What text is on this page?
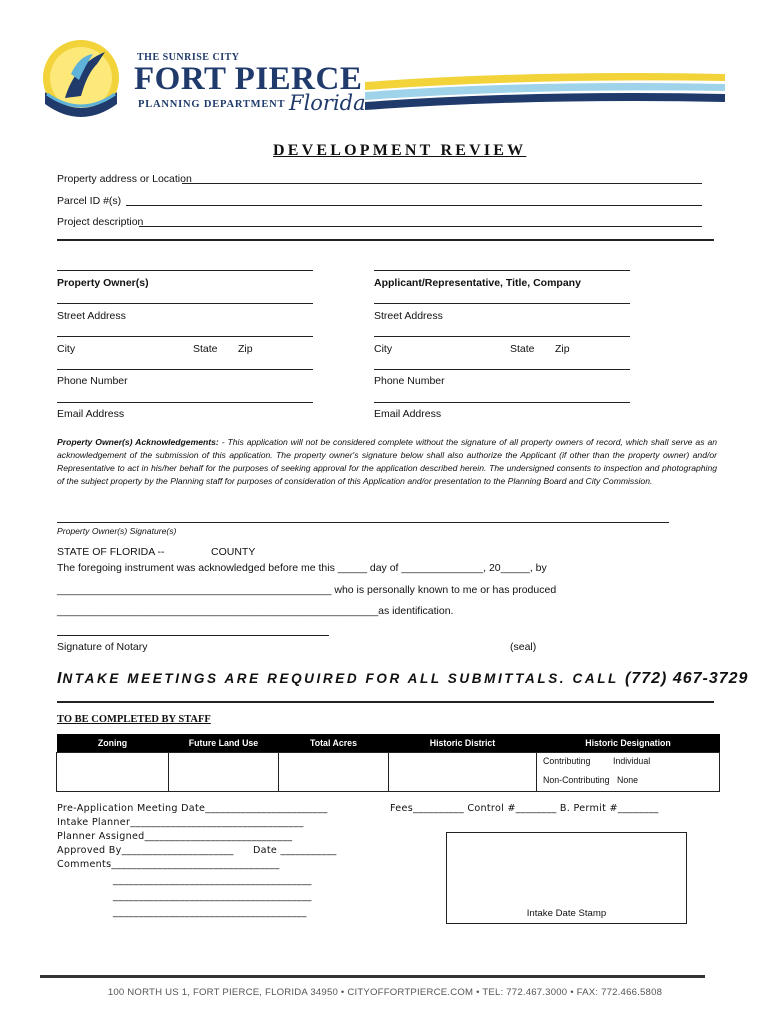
THE SUNRISE CITY
FORT PIERCE
PLANNING DEPARTMENT Florida
DEVELOPMENT REVIEW
Property address or Location
Parcel ID #(s)
Project description
Property Owner(s)
Street Address
City	State Zip
Phone Number
Email Address
Applicant/Representative, Title, Company
Street Address
City	State Zip
Phone Number
Email Address
Property Owner(s) Acknowledgements: - This application will not be considered complete without the signature of all property owners of record, which shall serve as an acknowledgement of the submission of this application. The property owner's signature below shall also authorize the Applicant (if other than the property owner) and/or Representative to act in his/her behalf for the purposes of seeking approval for the application described herein. The undersigned consents to inspection and photographing of the subject property by the Planning staff for purposes of consideration of this Application and/or presentation to the Planning Board and City Commission.
Property Owner(s) Signature(s)
STATE OF FLORIDA --	COUNTY
The foregoing instrument was acknowledged before me this _____ day of ______________, 20_____, by
_______________________________________________ who is personally known to me or has produced
_______________________________________________________as identification.
Signature of Notary	(seal)
INTAKE MEETINGS ARE REQUIRED FOR ALL SUBMITTALS. CALL (772) 467-3729
TO BE COMPLETED BY STAFF
Zoning	Future Land Use	Total Acres	Historic District	Historic Designation

				Contributing Individual
Non-Contributing None
Pre-Application Meeting Date________________________
Intake Planner__________________________________
Planner Assigned_____________________________
Approved By______________________ Date ___________
Comments_________________________________
_______________________________________
_______________________________________
______________________________________
Fees__________ Control #________ B. Permit #________
Intake Date Stamp
100 NORTH US 1, FORT PIERCE, FLORIDA 34950 • CITYOFFORTPIERCE.COM • TEL: 772.467.3000 • FAX: 772.466.5808
